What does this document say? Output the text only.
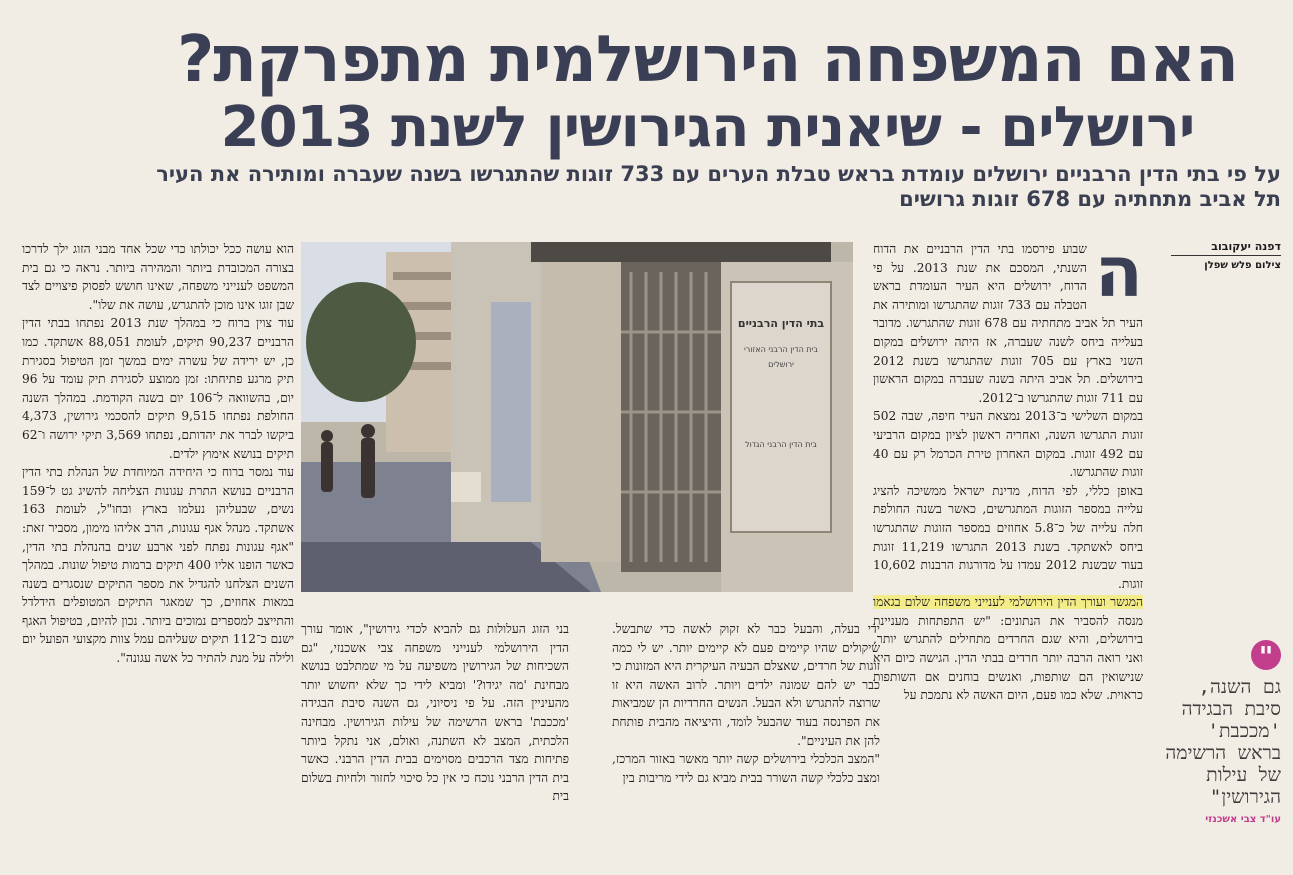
האם המשפחה הירושלמית מתפרקת?
ירושלים - שיאנית הגירושין לשנת 2013
על פי בתי הדין הרבניים ירושלים עומדת בראש טבלת הערים עם 733 זוגות שהתגרשו בשנה שעברה ומותירה את העיר תל אביב מתחתיה עם 678 זוגות גרושים
דפנה יעקובוב
צילום פלש שפלן
ה

שבוע פירסמו בתי הדין הרבניים את הדוח השנתי, המסכם את שנת 2013. על פי הדוח, ירושלים היא העיר העומדת בראש הטבלה עם 733 זוגות שהתגרשו ומותירה את העיר תל אביב מתחתיה עם 678 זוגות שהתגרשו. מדובר בעלייה ביחס לשנה שעברה, אז היתה ירושלים במקום השני בארץ עם 705 זוגות שהתגרשו בשנת 2012 בירושלים. תל אביב היתה בשנה שעברה במקום הראשון עם 711 זוגות שהתגרשו ב־2012.

במקום השלישי ב־2013 נמצאת העיר חיפה, שבה 502 זוגות התגרשו השנה, ואחריה ראשון לציון במקום הרביעי עם 492 זוגות. במקום האחרון טירת הכרמל רק עם 40 זוגות שהתגרשו.

באופן כללי, לפי הדוח, מדינת ישראל ממשיכה להציג עלייה במספר הזוגות המתגרשים, כאשר בשנה החולפת חלה עלייה של כ־5.8 אחוזים במספר הזוגות שהתגרשו ביחס לאשתקד. בשנת 2013 התגרשו 11,219 זוגות בעוד שבשנת 2012 עמדו על מדורגות הרבנות 10,602 זוגות.

המגשר ועורך הדין הירושלמי לענייני משפחה שלום בגאמו מנסה להסביר את הנתונים: "יש התפתחות מעניינת בירושלים, והיא שגם החרדים מתחילים להתגרש יותר, ואני רואה הרבה יותר חרדים בבתי הדין. הגישה כיום היא שנישואין הם שותפות, ואנשים בוחנים אם השותפות כראוית. שלא כמו פעם, היום האשה לא נתמכת על

בתי הדין הרבניים
בית הדין הרבני האזורי
ירושלים
בית הדין הרבני הגדול

ידי בעלה, והבעל כבר לא זקוק לאשה כדי שתבשל. שיקולים שהיו קיימים פעם לא קיימים יותר. יש לי כמה זוגות של חרדים, שאצלם הבעיה העיקרית היא המזונות כי כבר יש להם שמונה ילדים ויותר. לרוב האשה היא זו שרוצה להתגרש ולא הבעל. הנשים החרדיות הן שמביאות את הפרנסה בעוד שהבעל לומד, והיציאה מהבית פותחת להן את העיניים".

"המצב הכלכלי בירושלים קשה יותר מאשר באזור המרכז, ומצב כלכלי קשה השורר בבית מביא גם לידי מריבות בין

בני הזוג העלולות גם להביא לכדי גירושין", אומר עורך הדין הירושלמי לענייני משפחה צבי אשכנזי, "גם השכיחות של הגירושין משפיעה על מי שמתלבט בנושא מבחינת 'מה יגידו?' ומביא לידי כך שלא יחשוש יותר מהעיניין הזה. על פי ניסיוני, גם השנה סיבת הבגידה 'מככבת' בראש הרשימה של עילות הגירושין. מבחינה הלכתית, המצב לא השתנה, ואולם, אני נתקל ביותר פתיחות מצד הרכבים מסוימים בבית הדין הרבני. כאשר בית הדין הרבני נוכח כי אין כל סיכוי לחזור ולחיות בשלום בית

הוא עושה ככל יכולתו כדי שכל אחד מבני הזוג ילך לדרכו בצורה המכובדת ביותר והמהירה ביותר. נראה כי גם בית המשפט לענייני משפחה, שאינו חושש לפסוק פיצויים לצד שבן זוגו אינו מוכן להתגרש, עושה את שלו".

עוד צוין ברוח כי במהלך שנת 2013 נפתחו בבתי הדין הרבניים 90,237 תיקים, לעומת 88,051 אשתקד. כמו כן, יש ירידה של עשרה ימים במשך זמן הטיפול בסגירת תיק מרגע פתיחתו: זמן ממוצע לסגירת תיק עומד על 96 יום, בהשוואה ל־106 יום בשנה הקודמת. במהלך השנה החולפת נפתחו 9,515 תיקים להסכמי גירושין, 4,373 ביקשו לברר את יהדותם, נפתחו 3,569 תיקי ירושה ו־62 תיקים בנושא אימוץ ילדים.

עוד נמסר ברוח כי היחידה המיוחדת של הנהלת בתי הדין הרבניים בנושא התרת עגונות הצליחה להשיג גט ל־159 נשים, שבעליהן נעלמו בארץ ובחו"ל, לעומת 163 אשתקד. מנהל אגף עגונות, הרב אליהו מימון, מסביר זאת: "אגף עגונות נפתח לפני ארבע שנים בהנהלת בתי הדין, כאשר הופנו אליו 400 תיקים ברמות טיפול שונות. במהלך השנים הצלחנו להגדיל את מספר התיקים שנסגרים בשנה במאות אחוזים, כך שמאגר התיקים המטופלים הידלדל והתייצב למספרים נמוכים ביותר. נכון להיום, בטיפול האגף ישנם כ־112 תיקים שעליהם עמל צוות מקצועי הפועל יום ולילה על מנת להתיר כל אשה עגונה".	"
גם השנה, סיבת הבגידה 'מככבת' בראש הרשימה של עילות הגירושין"
עו"ד צבי אשכנזי
